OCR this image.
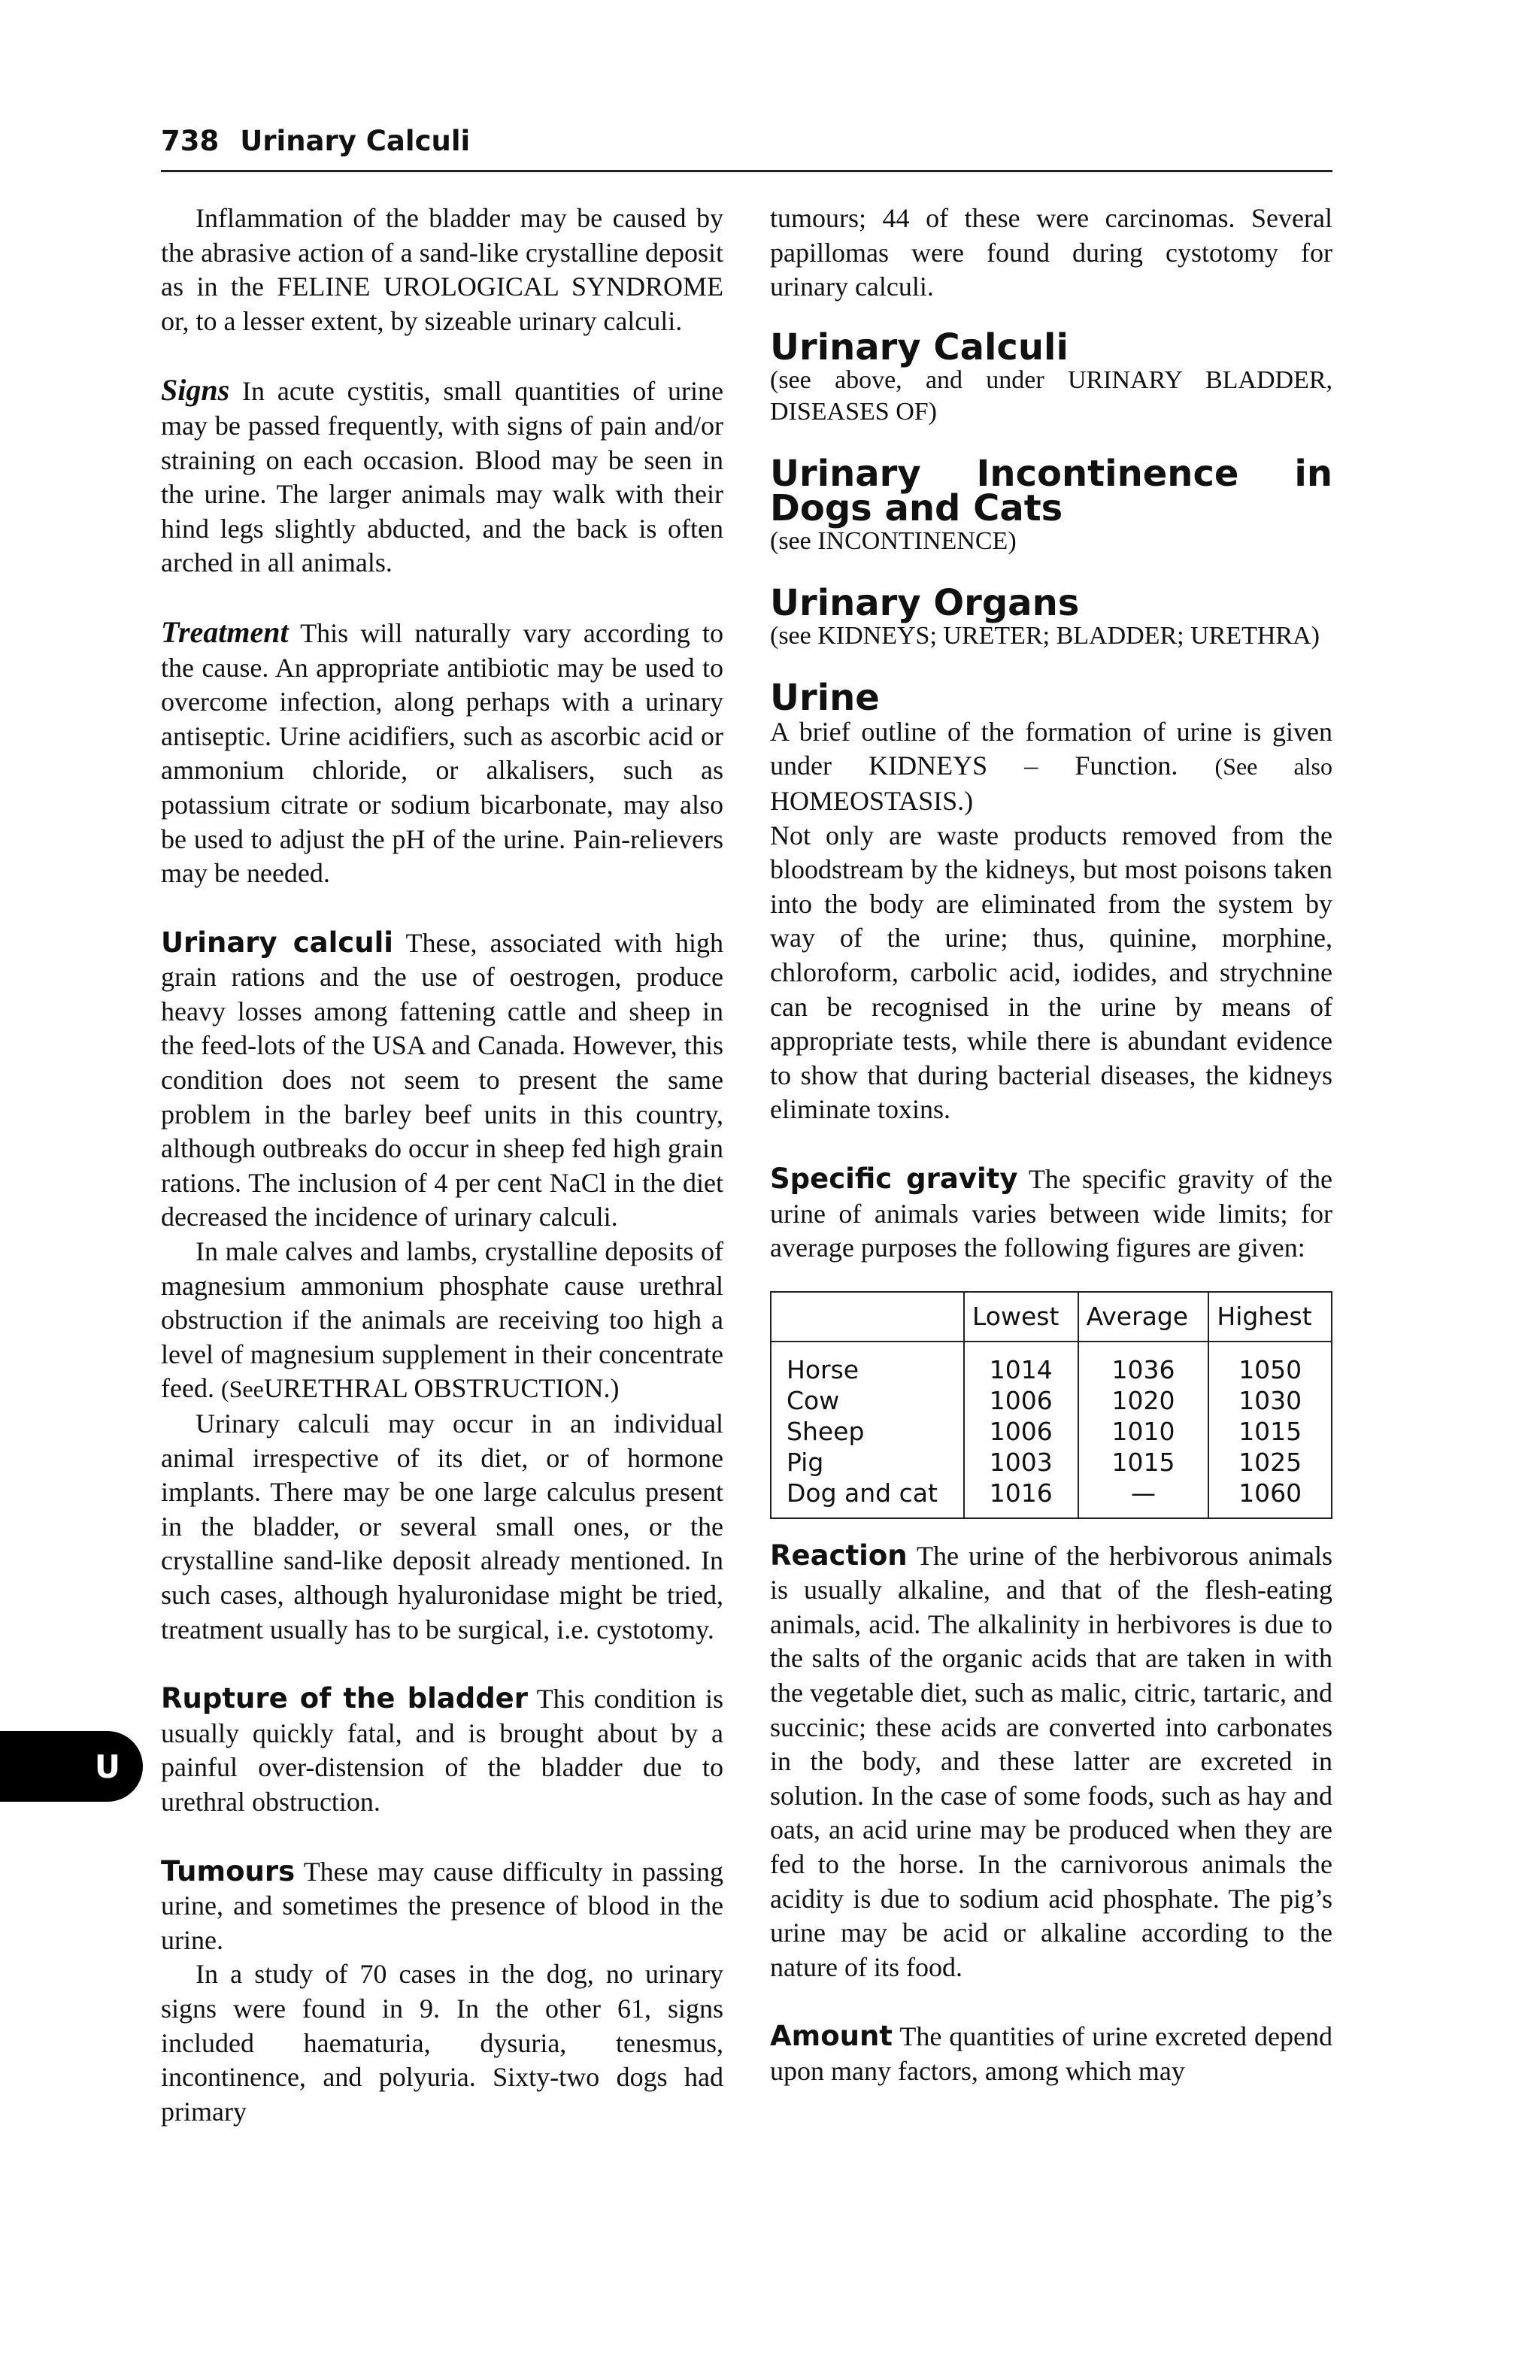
738 Urinary Calculi
U

Inflammation of the bladder may be caused by the abrasive action of a sand-like crystalline deposit as in the FELINE UROLOGICAL SYNDROME or, to a lesser extent, by sizeable urinary calculi.

Signs In acute cystitis, small quantities of urine may be passed frequently, with signs of pain and/or straining on each occasion. Blood may be seen in the urine. The larger animals may walk with their hind legs slightly abducted, and the back is often arched in all animals.

Treatment This will naturally vary according to the cause. An appropriate antibiotic may be used to overcome infection, along perhaps with a urinary antiseptic. Urine acidifiers, such as ascorbic acid or ammonium chloride, or alkalisers, such as potassium citrate or sodium bicarbonate, may also be used to adjust the pH of the urine. Pain-relievers may be needed.

Urinary calculi These, associated with high grain rations and the use of oestrogen, produce heavy losses among fattening cattle and sheep in the feed-lots of the USA and Canada. However, this condition does not seem to present the same problem in the barley beef units in this country, although outbreaks do occur in sheep fed high grain rations. The inclusion of 4 per cent NaCl in the diet decreased the incidence of urinary calculi.

In male calves and lambs, crystalline deposits of magnesium ammonium phosphate cause urethral obstruction if the animals are receiving too high a level of magnesium supplement in their concentrate feed. (SeeURETHRAL OBSTRUCTION.)

Urinary calculi may occur in an individual animal irrespective of its diet, or of hormone implants. There may be one large calculus present in the bladder, or several small ones, or the crystalline sand-like deposit already mentioned. In such cases, although hyaluronidase might be tried, treatment usually has to be surgical, i.e. cystotomy.

Rupture of the bladder This condition is usually quickly fatal, and is brought about by a painful over-distension of the bladder due to urethral obstruction.

Tumours These may cause difficulty in passing urine, and sometimes the presence of blood in the urine.

In a study of 70 cases in the dog, no urinary signs were found in 9. In the other 61, signs included haematuria, dysuria, tenesmus, incontinence, and polyuria. Sixty-two dogs had primary

tumours; 44 of these were carcinomas. Several papillomas were found during cystotomy for urinary calculi.

Urinary Calculi

(see above, and under URINARY BLADDER, DISEASES OF)

Urinary Incontinence in Dogs and Cats

(see INCONTINENCE)

Urinary Organs

(see KIDNEYS; URETER; BLADDER; URETHRA)

Urine

A brief outline of the formation of urine is given under KIDNEYS – Function. (See also HOMEOSTASIS.)

Not only are waste products removed from the bloodstream by the kidneys, but most poisons taken into the body are eliminated from the system by way of the urine; thus, quinine, morphine, chloroform, carbolic acid, iodides, and strychnine can be recognised in the urine by means of appropriate tests, while there is abundant evidence to show that during bacterial diseases, the kidneys eliminate toxins.

Specific gravity The specific gravity of the urine of animals varies between wide limits; for average purposes the following figures are given:

	Lowest	Average	Highest
Horse	1014	1036	1050
Cow	1006	1020	1030
Sheep	1006	1010	1015
Pig	1003	1015	1025
Dog and cat	1016	—	1060

Reaction The urine of the herbivorous animals is usually alkaline, and that of the flesh-eating animals, acid. The alkalinity in herbivores is due to the salts of the organic acids that are taken in with the vegetable diet, such as malic, citric, tartaric, and succinic; these acids are converted into carbonates in the body, and these latter are excreted in solution. In the case of some foods, such as hay and oats, an acid urine may be produced when they are fed to the horse. In the carnivorous animals the acidity is due to sodium acid phosphate. The pig’s urine may be acid or alkaline according to the nature of its food.

Amount The quantities of urine excreted depend upon many factors, among which may
